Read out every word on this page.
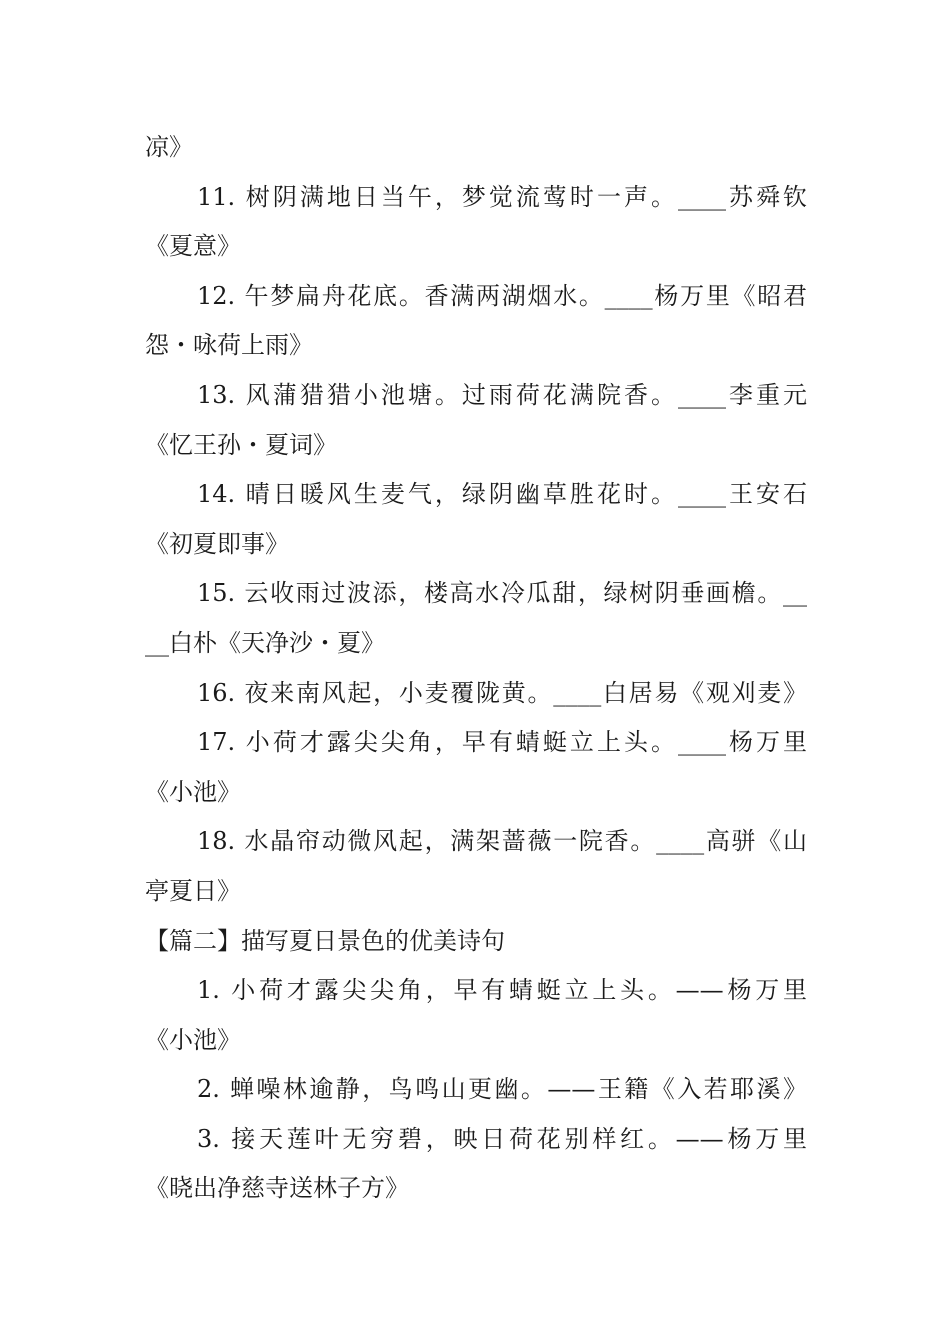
凉》
11. 树阴满地日当午，梦觉流莺时一声。____苏舜钦
《夏意》
12. 午梦扁舟花底。香满两湖烟水。____杨万里《昭君
怨・咏荷上雨》
13. 风蒲猎猎小池塘。过雨荷花满院香。____李重元
《忆王孙・夏词》
14. 晴日暖风生麦气，绿阴幽草胜花时。____王安石
《初夏即事》
15. 云收雨过波添，楼高水冷瓜甜，绿树阴垂画檐。__
__白朴《天净沙・夏》
16. 夜来南风起，小麦覆陇黄。____白居易《观刈麦》
17. 小荷才露尖尖角，早有蜻蜓立上头。____杨万里
《小池》
18. 水晶帘动微风起，满架蔷薇一院香。____高骈《山
亭夏日》
【篇二】描写夏日景色的优美诗句
1. 小荷才露尖尖角，早有蜻蜓立上头。——杨万里
《小池》
2. 蝉噪林逾静，鸟鸣山更幽。——王籍《入若耶溪》
3. 接天莲叶无穷碧，映日荷花别样红。——杨万里
《晓出净慈寺送林子方》
